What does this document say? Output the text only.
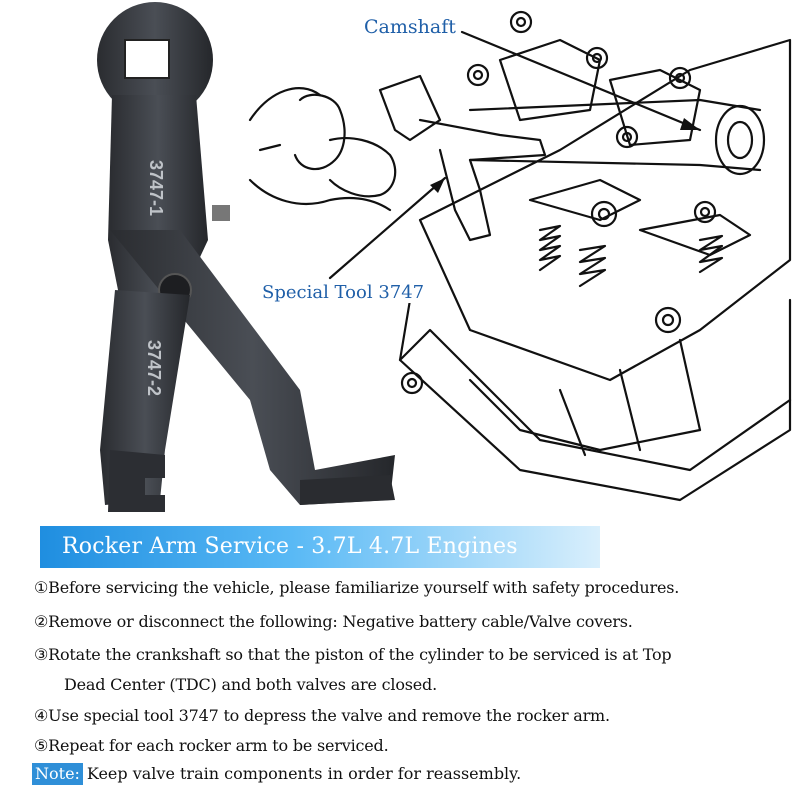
3747-1
3747-2
Camshaft
Special Tool 3747
Rocker Arm Service - 3.7L 4.7L Engines
①Before servicing the vehicle, please familiarize yourself with safety procedures.
②Remove or disconnect the following: Negative battery cable/Valve covers.
③Rotate the crankshaft so that the piston of the cylinder to be serviced is at Top
Dead Center (TDC) and both valves are closed.
④Use special tool 3747 to depress the valve and remove the rocker arm.
⑤Repeat for each rocker arm to be serviced.
Note: Keep valve train components in order for reassembly.
